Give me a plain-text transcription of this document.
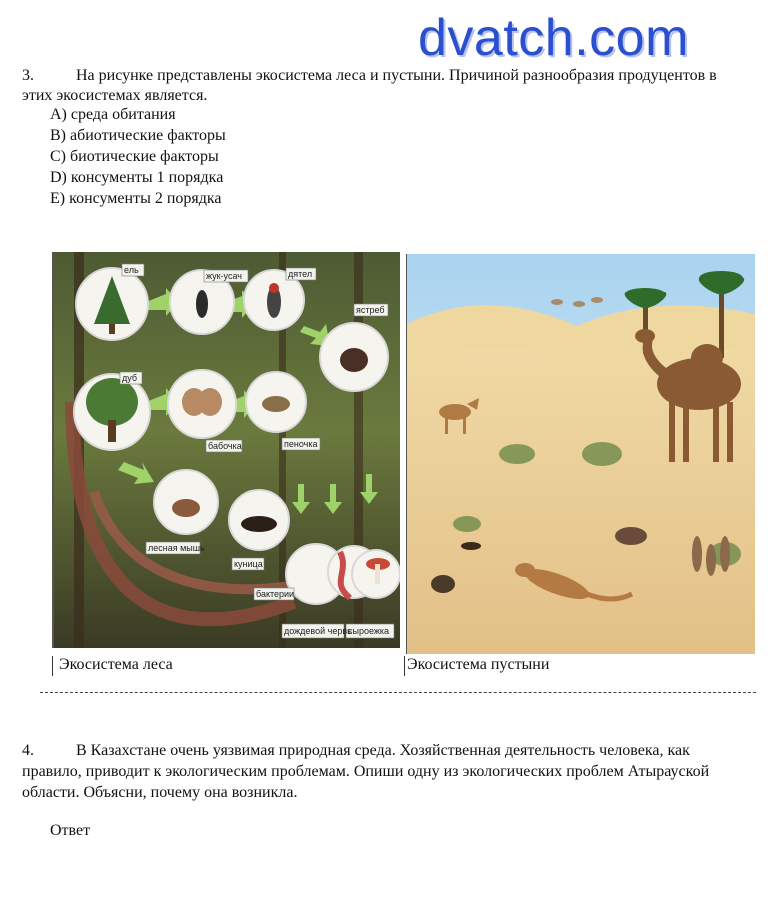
dvatch.com
3.	На рисунке представлены экосистема леса и пустыни. Причиной разнообразия продуцентов в этих экосистемах является.
A) среда обитания
B) абиотические факторы
C) биотические факторы
D) консументы 1 порядка
E) консументы 2 порядка
ель
дуб
жук-усач	дятел
ястреб
бабочка	пеночка
лесная мышь
куница
бактерии
дождевой червь
сыроежка
Экосистема леса	Экосистема пустыни
4.	В Казахстане очень уязвимая природная среда. Хозяйственная деятельность человека, как правило, приводит к экологическим проблемам. Опиши одну из экологических проблем Атырауской области. Объясни, почему она возникла.
Ответ
